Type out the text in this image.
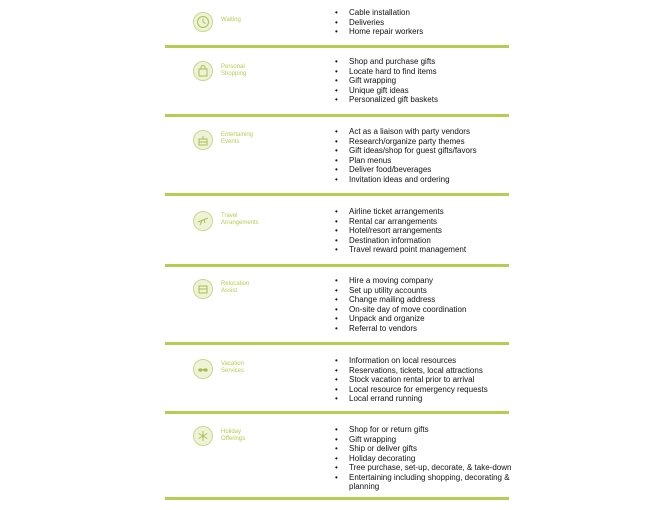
Waiting
• Cable installation
• Deliveries
• Home repair workers
Personal
Shopping
• Shop and purchase gifts
• Locate hard to find items
• Gift wrapping
• Unique gift ideas
• Personalized gift baskets
Entertaining
Events
• Act as a liaison with party vendors
• Research/organize party themes
• Gift ideas/shop for guest gifts/favors
• Plan menus
• Deliver food/beverages
• Invitation ideas and ordering
Travel
Arrangements
• Airline ticket arrangements
• Rental car arrangements
• Hotel/resort arrangements
• Destination information
• Travel reward point management
Relocation
Assist
• Hire a moving company
• Set up utility accounts
• Change mailing address
• On-site day of move coordination
• Unpack and organize
• Referral to vendors
Vacation
Services
• Information on local resources
• Reservations, tickets, local attractions
• Stock vacation rental prior to arrival
• Local resource for emergency requests
• Local errand running
Holiday
Offerings
• Shop for or return gifts
• Gift wrapping
• Ship or deliver gifts
• Holiday decorating
• Tree purchase, set-up, decorate, & take-down
• Entertaining including shopping, decorating &
planning
